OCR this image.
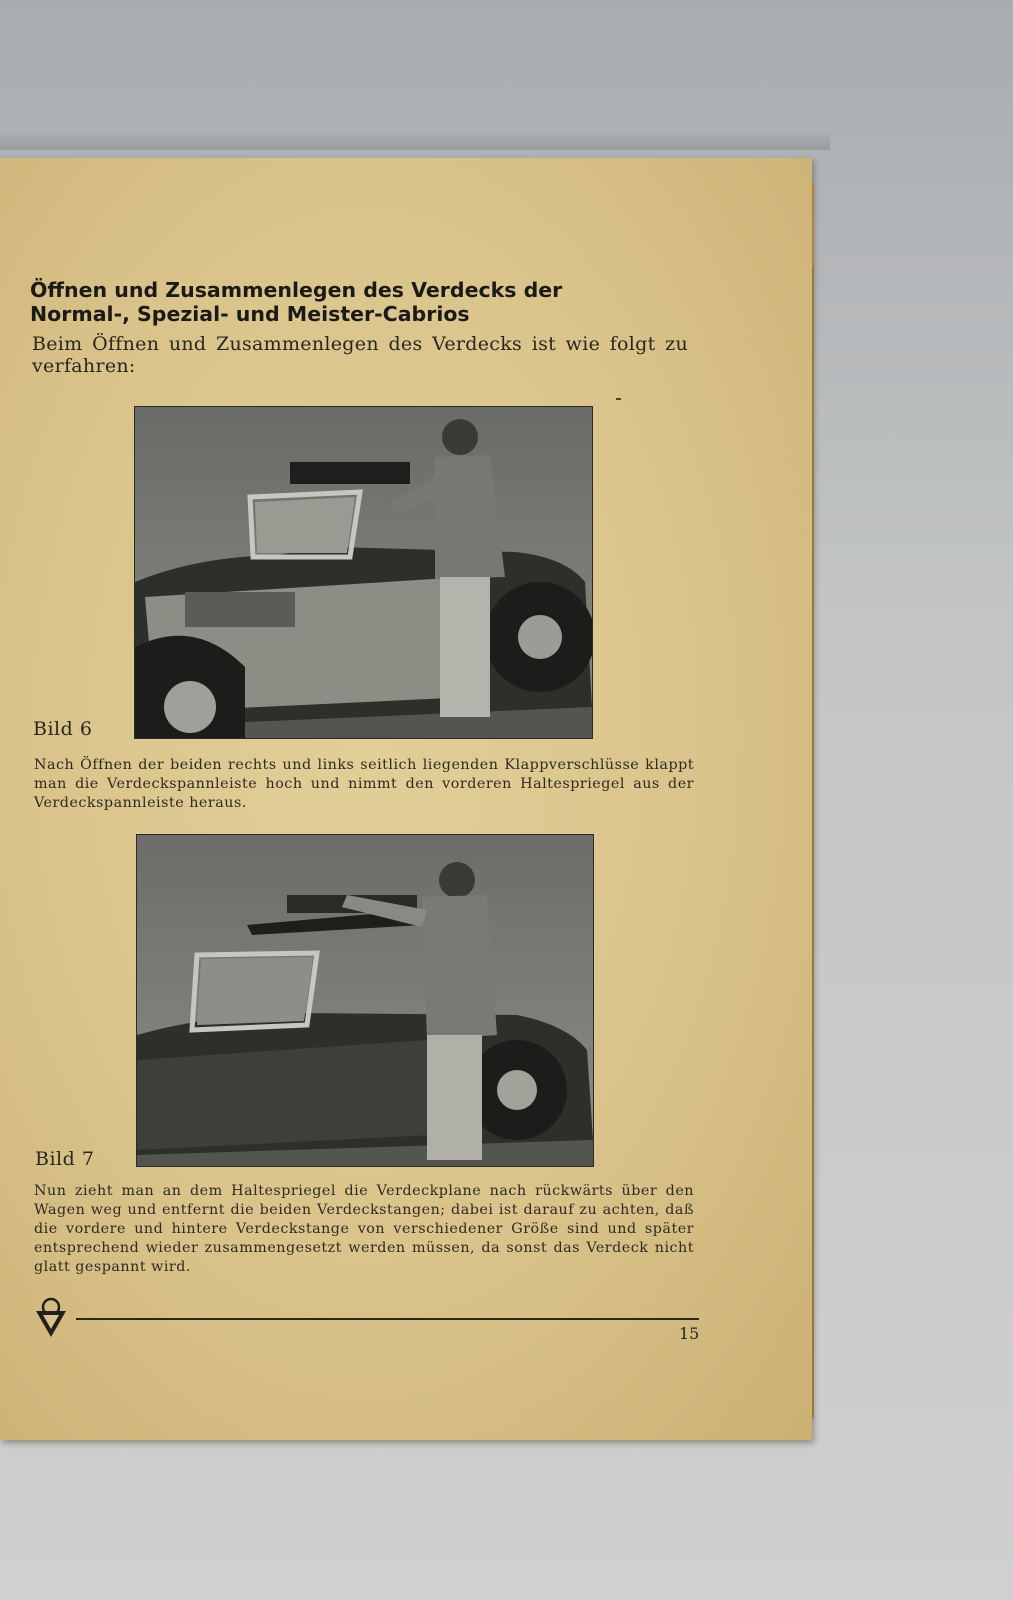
Öffnen und Zusammenlegen des Verdecks der
Normal-, Spezial- und Meister-Cabrios
Beim Öffnen und Zusammenlegen des Verdecks ist wie folgt zu verfahren:
Bild 6
Nach Öffnen der beiden rechts und links seitlich liegenden Klappverschlüsse klappt man die Verdeckspannleiste hoch und nimmt den vorderen Haltespriegel aus der Verdeckspannleiste heraus.
Bild 7
Nun zieht man an dem Haltespriegel die Verdeckplane nach rückwärts über den Wagen weg und entfernt die beiden Verdeckstangen; dabei ist darauf zu achten, daß die vordere und hintere Verdeckstange von verschiedener Größe sind und später entsprechend wieder zusammengesetzt werden müssen, da sonst das Verdeck nicht glatt gespannt wird.
15
